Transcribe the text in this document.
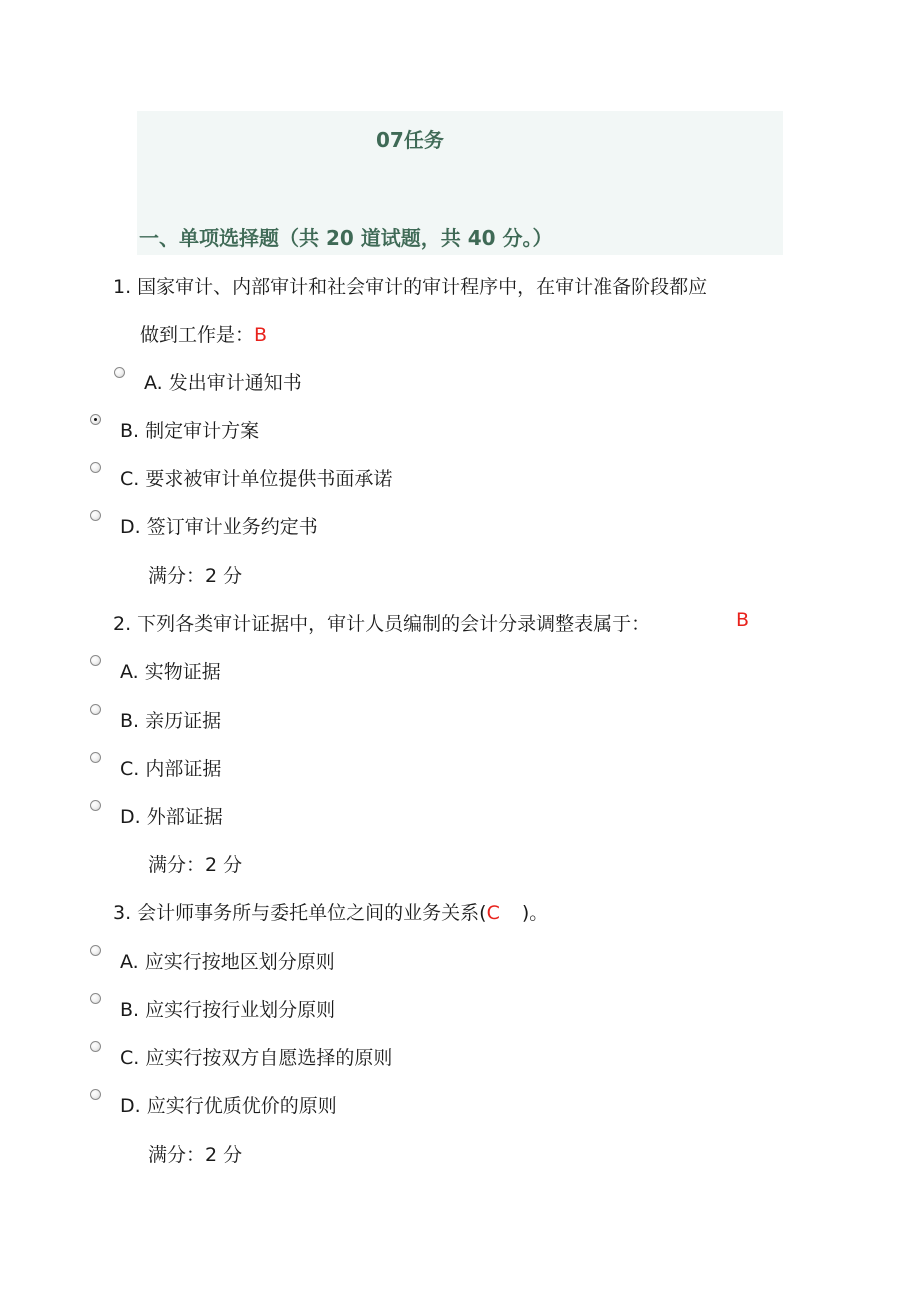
07任务
一、单项选择题（共 20 道试题，共 40 分。）
1. 国家审计、内部审计和社会审计的审计程序中，在审计准备阶段都应
做到工作是：B
A. 发出审计通知书
B. 制定审计方案
C. 要求被审计单位提供书面承诺
D. 签订审计业务约定书
满分：2 分
2. 下列各类审计证据中，审计人员编制的会计分录调整表属于：	B
A. 实物证据
B. 亲历证据
C. 内部证据
D. 外部证据
满分：2 分
3. 会计师事务所与委托单位之间的业务关系(C )。
A. 应实行按地区划分原则
B. 应实行按行业划分原则
C. 应实行按双方自愿选择的原则
D. 应实行优质优价的原则
满分：2 分
